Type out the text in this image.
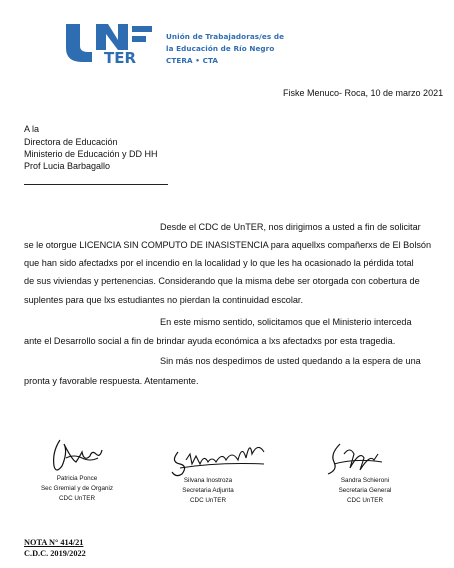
TER
Unión de Trabajadoras/es de
la Educación de Río Negro
CTERA • CTA
Fiske Menuco- Roca, 10 de marzo 2021
A la
Directora de Educación
Ministerio de Educación y DD HH
Prof Lucia Barbagallo
Desde el CDC de UnTER, nos dirigimos a usted a fin de solicitar
se le otorgue LICENCIA SIN COMPUTO DE INASISTENCIA para aquellxs compañerxs de El Bolsón
que han sido afectadxs por el incendio en la localidad y lo que les ha ocasionado la pérdida total
de sus viviendas y pertenencias. Considerando que la misma debe ser otorgada con cobertura de
suplentes para que lxs estudiantes no pierdan la continuidad escolar.
En este mismo sentido, solicitamos que el Ministerio interceda
ante el Desarrollo social a fin de brindar ayuda económica a lxs afectadxs por esta tragedia.
Sin más nos despedimos de usted quedando a la espera de una
pronta y favorable respuesta. Atentamente.
Patricia Ponce
Sec Gremial y de Organiz
CDC UnTER
Silvana Inostroza
Secretaria Adjunta
CDC UnTER
Sandra Schieroni
Secretaria General
CDC UnTER
NOTA N° 414/21
C.D.C. 2019/2022
